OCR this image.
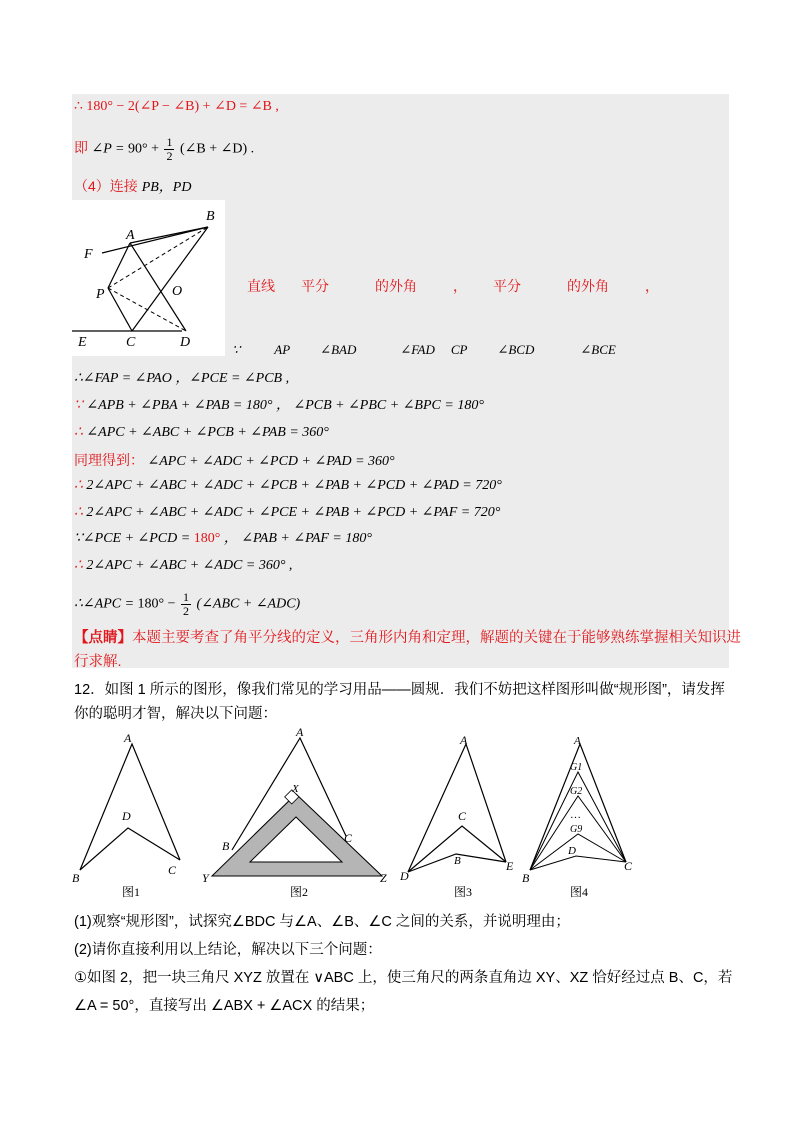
∴ 180° − 2(∠P − ∠B) + ∠D = ∠B ,
即 ∠P = $90^\circ + \frac{1}{2}$ (∠B + ∠D) .
（4）连接 PB，PD
A
B
F
P	O
E	C	D
直线 平分	的外角	， 平分	的外角	，
∵	AP ∠BAD	∠FAD CP ∠BCD	∠BCE
∴∠FAP = ∠PAO ，∠PCE = ∠PCB ,
∵ ∠APB + ∠PBA + ∠PAB = 180° ， ∠PCB + ∠PBC + ∠BPC = 180°
∴ ∠APC + ∠ABC + ∠PCB + ∠PAB = 360°
同理得到： ∠APC + ∠ADC + ∠PCD + ∠PAD = 360°
∴ 2∠APC + ∠ABC + ∠ADC + ∠PCB + ∠PAB + ∠PCD + ∠PAD = 720°
∴ 2∠APC + ∠ABC + ∠ADC + ∠PCE + ∠PAB + ∠PCD + ∠PAF = 720°
∵∠PCE + ∠PCD = 180° ， ∠PAB + ∠PAF = 180°
∴ 2∠APC + ∠ABC + ∠ADC = 360° ,
∴∠APC = $180^\circ - \frac{1}{2}$ (∠ABC + ∠ADC)
【点睛】本题主要考查了角平分线的定义，三角形内角和定理，解题的关键在于能够熟练掌握相关知识进
行求解.
12．如图 1 所示的图形，像我们常见的学习用品——圆规．我们不妨把这样图形叫做“规形图”，请发挥
你的聪明才智，解决以下问题：
A
D
B
C
图1
A
X
B
C
Y	Z
图2
A
C
B
D
E
图3
A
G1
G2
…
G9
D
B
C
图4
(1)观察“规形图”，试探究∠BDC 与∠A、∠B、∠C 之间的关系，并说明理由；
(2)请你直接利用以上结论，解决以下三个问题：
①如图 2，把一块三角尺 XYZ 放置在 ∨ABC 上，使三角尺的两条直角边 XY、XZ 恰好经过点 B、C，若
∠A = 50°，直接写出 ∠ABX + ∠ACX 的结果；
